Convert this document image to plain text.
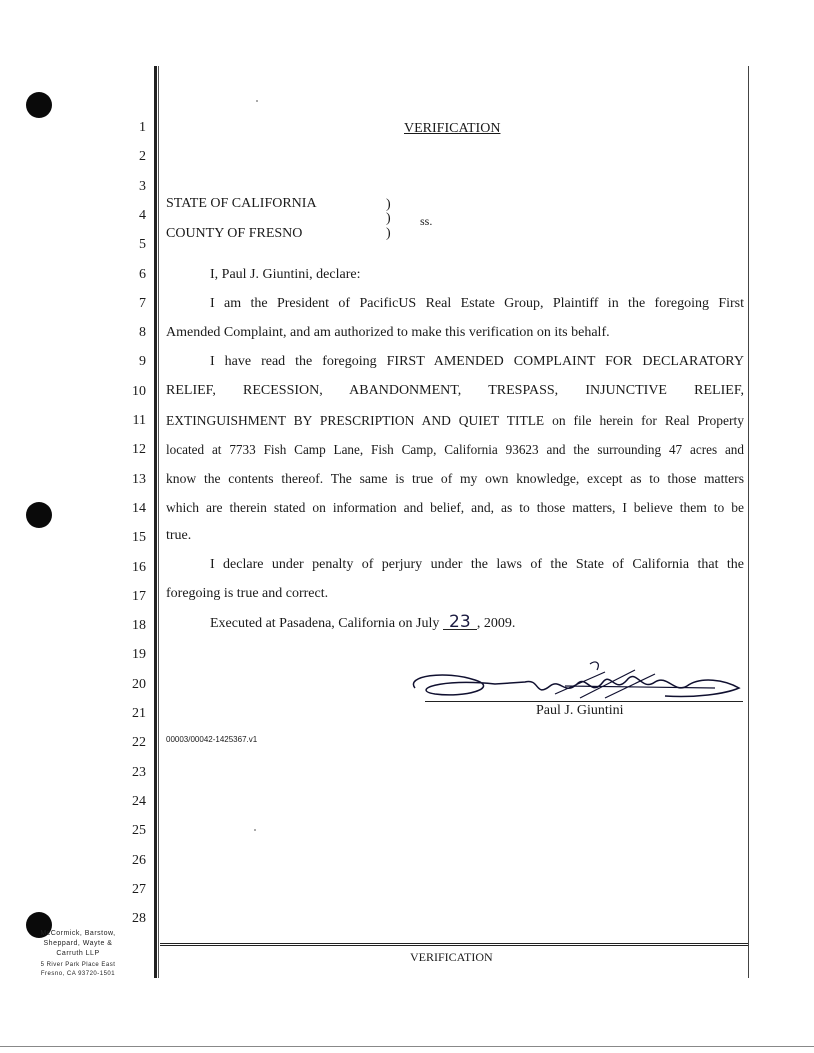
1
2
3
4
5
6
7
8
9
10
11
12
13
14
15
16
17
18
19
20
21
22
23
24
25
26
27
28
VERIFICATION
STATE OF CALIFORNIA
COUNTY OF FRESNO
)
)
)
ss.
I, Paul J. Giuntini, declare:
I am the President of PacificUS Real Estate Group, Plaintiff in the foregoing First
Amended Complaint, and am authorized to make this verification on its behalf.
I have read the foregoing FIRST AMENDED COMPLAINT FOR DECLARATORY
RELIEF, RECESSION, ABANDONMENT, TRESPASS, INJUNCTIVE RELIEF,
EXTINGUISHMENT BY PRESCRIPTION AND QUIET TITLE on file herein for Real Property
located at 7733 Fish Camp Lane, Fish Camp, California 93623 and the surrounding 47 acres and
know the contents thereof. The same is true of my own knowledge, except as to those matters
which are therein stated on information and belief, and, as to those matters, I believe them to be
true.
I declare under penalty of perjury under the laws of the State of California that the
foregoing is true and correct.
Executed at Pasadena, California on July 23 , 2009.
Paul J. Giuntini
00003/00042-1425367.v1
VERIFICATION
McCormick, Barstow,
Sheppard, Wayte &
Carruth LLP
5 River Park Place East
Fresno, CA 93720-1501
